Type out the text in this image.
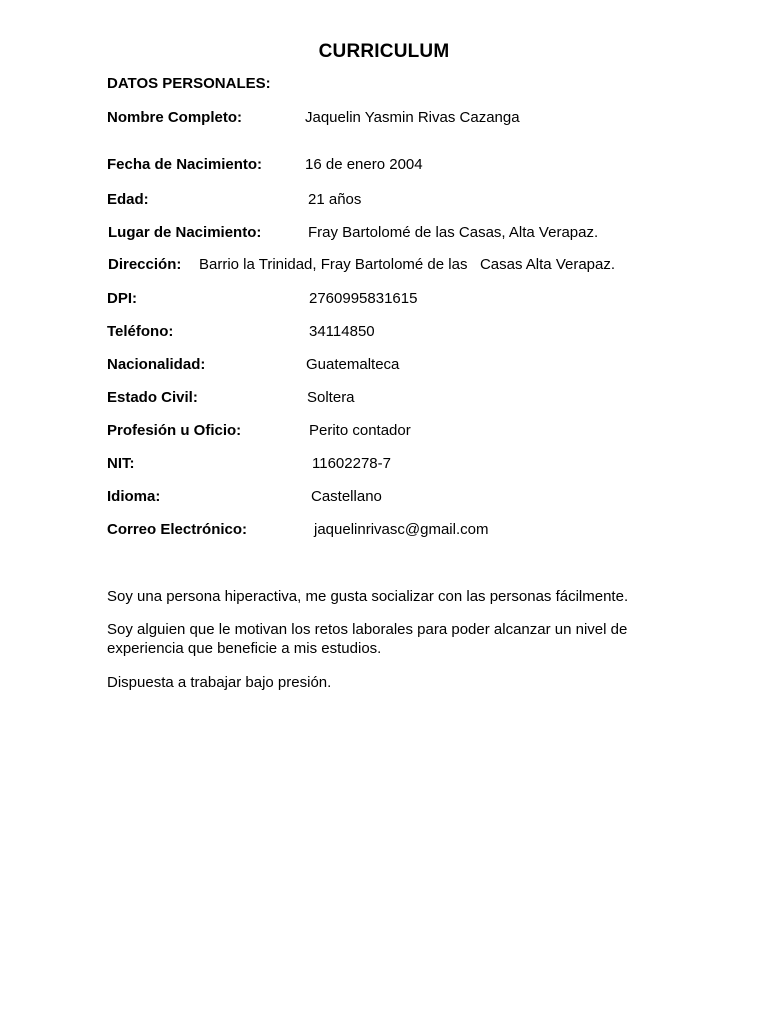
CURRICULUM
DATOS PERSONALES:
Nombre Completo:	Jaquelin Yasmin Rivas Cazanga
Fecha de Nacimiento:	16 de enero 2004
Edad:	21 años
Lugar de Nacimiento:	Fray Bartolomé de las Casas, Alta Verapaz.
Dirección: Barrio la Trinidad, Fray Bartolomé de las   Casas Alta Verapaz.
DPI:	2760995831615
Teléfono:	34114850
Nacionalidad:	Guatemalteca
Estado Civil:	Soltera
Profesión u Oficio:	Perito contador
NIT:	11602278-7
Idioma:	Castellano
Correo Electrónico:	jaquelinrivasc@gmail.com
Soy una persona hiperactiva, me gusta socializar con las personas fácilmente.
Soy alguien que le motivan los retos laborales para poder alcanzar un nivel de experiencia que beneficie a mis estudios.
Dispuesta a trabajar bajo presión.
